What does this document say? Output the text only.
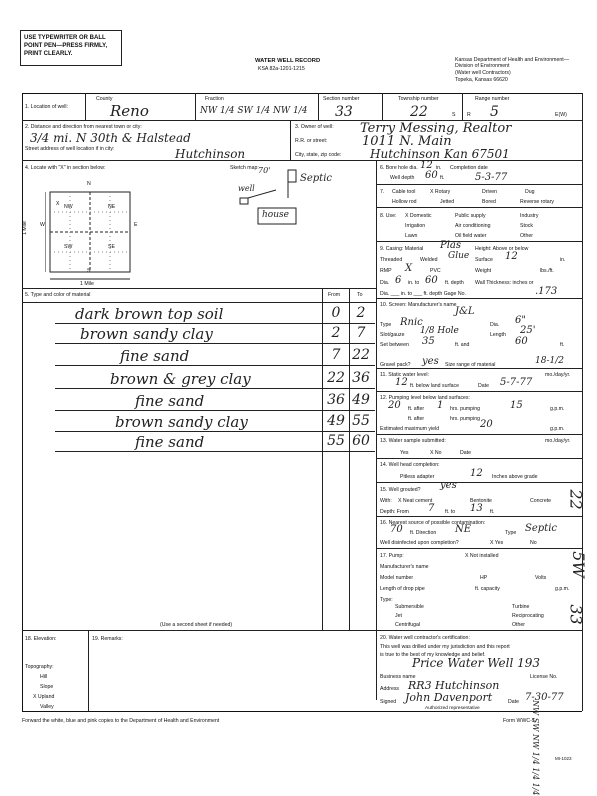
USE TYPEWRITER OR BALL POINT PEN—PRESS FIRMLY, PRINT CLEARLY.
WATER WELL RECORD
KSA 82a-1201-1215
Kansas Department of Health and Environment—Division of Environment
(Water well Contractors)
Topeka, Kansas 66620
1. Location of well:
County
Reno
Fraction
NW 1/4 SW 1/4 NW 1/4
Section number
33
Township number
22	S
Range number
R 5	E(W)
2. Distance and direction from nearest town or city:
3/4 mi. N 30th & Halstead
Street address of well location if in city:	Hutchinson
3. Owner of well: Terry Messing, Realtor
R.R. or street:	1011 N. Main
City, state, zip code: Hutchinson Kan 67501
4. Locate with "X" in section below:	Sketch map:
N
W	E
S
1 Mile
1 Mile
X NW	NE
SW	SE
70'
well
Septic
house
6. Bore hole dia. 12 in. Completion date
Well depth 60 ft.	5-3-77
7. Cable tool	X Rotary	Driven	Dug
Hollow rod	Jetted	Bored	Reverse rotary
8. Use: X Domestic	Public supply	Industry
Irrigation	Air conditioning	Stock
Lawn	Oil field water	Other
9. Casing: Material Plas	Height: Above or below
Threaded	Welded Glue Surface 12	in.
RMP X	PVC	Weight	lbs./ft.
Dia. 6 in. to 60 ft. depth Wall Thickness: inches or
Dia. ___ in. to ___ ft. depth Gage No.	.173
10. Screen: Manufacturer's name
J&L
Type Rnic	Dia. 6"
Slot/gauze 1/8 Hole	Length 25'
Set between 35	ft. and	60	ft.
Gravel pack? yes Size range of material	18-1/2
11. Static water level:	mo./day/yr.
12 ft. below land surface	Date 5-7-77
12. Pumping level below land surfaces:
20 ft. after 1 hrs. pumping	15	g.p.m.
ft. after	hrs. pumping
Estimated maximum yield	20	g.p.m.
13. Water sample submitted:	mo./day/yr.
Yes	X No	Date
14. Well head completion:
Pitless adapter	12 Inches above grade
15. Well grouted? yes
With: X Neat cement	Bentonite	Concrete
Depth: From 7 ft. to 13 ft.
16. Nearest source of possible contamination:
70 ft. Direction NE	Type Septic
Well disinfected upon completion?	X Yes	No
17. Pump:	X Not installed
Manufacturer's name
Model number	HP	Volts
Length of drop pipe	ft. capacity	g.p.m.
Type:
Submersible	Turbine
Jet	Reciprocating
Centrifugal	Other
5. Type and color of material	From	To
dark brown top soil	0	2
brown sandy clay	2	7
fine sand	7 22
brown & grey clay	22 36
fine sand	36 49
brown sandy clay	49 55
fine sand	55 60
(Use a second sheet if needed)
18. Elevation:
Topography:
Hill
Slope
X Upland
Valley
19. Remarks:	20. Water well contractor's certification:
This well was drilled under my jurisdiction and this report
is true to the best of my knowledge and belief.
Price Water Well 193
Business name	License No.
Address RR3 Hutchinson
Signed John Davenport	Date 7-30-77
Authorized representative
22
5W
33
NW SW NW 1/4 1/4 1/4
Forward the white, blue and pink copies to the Department of Health and Environment	Form WWC-5
MI-1023
